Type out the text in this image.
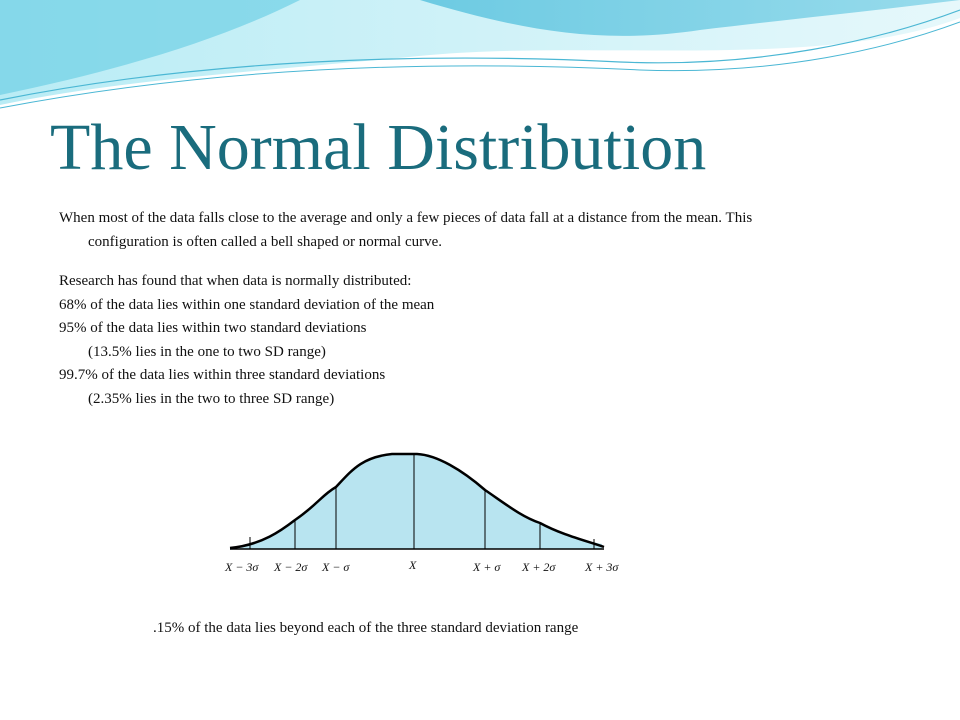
The Normal Distribution

When most of the data falls close to the average and only a few pieces of data fall at a distance from the mean. This

configuration is often called a bell shaped or normal curve.

Research has found that when data is normally distributed:

68% of the data lies within one standard deviation of the mean

95% of the data lies within two standard deviations

(13.5% lies in the one to two SD range)

99.7% of the data lies within three standard deviations

(2.35% lies in the two to three SD range)

X − 3σ X − 2σ X − σ	X	X + σ X + 2σ X + 3σ
.15% of the data lies beyond each of the three standard deviation range
